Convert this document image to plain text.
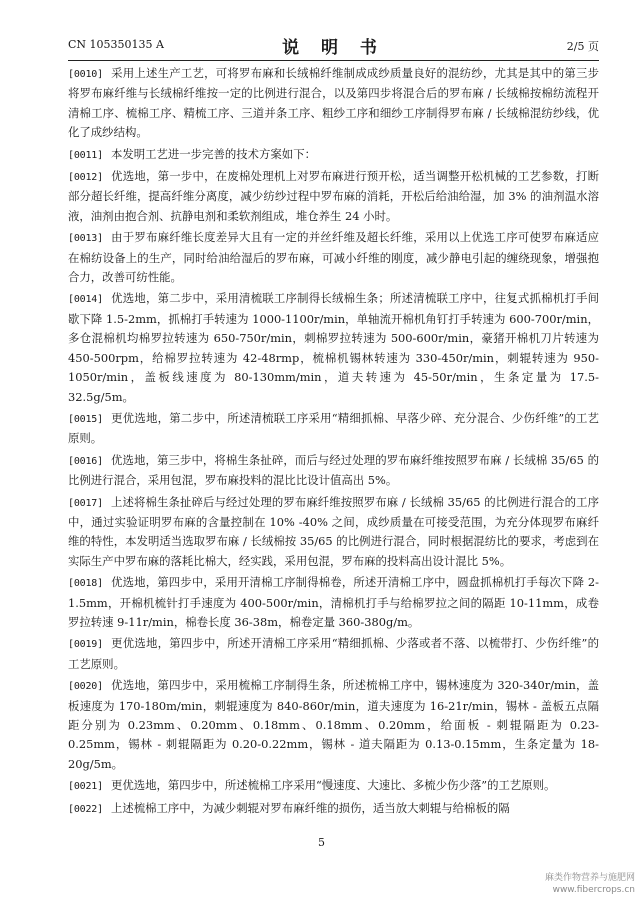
CN 105350135 A	说 明 书	2/5 页

[0010] 采用上述生产工艺，可将罗布麻和长绒棉纤维制成成纱质量良好的混纺纱，尤其是其中的第三步将罗布麻纤维与长绒棉纤维按一定的比例进行混合，以及第四步将混合后的罗布麻 / 长绒棉按棉纺流程开清棉工序、梳棉工序、精梳工序、三道并条工序、粗纱工序和细纱工序制得罗布麻 / 长绒棉混纺纱线，优化了成纱结构。

[0011] 本发明工艺进一步完善的技术方案如下：

[0012] 优选地，第一步中，在废棉处理机上对罗布麻进行预开松，适当调整开松机械的工艺参数，打断部分超长纤维，提高纤维分离度，减少纺纱过程中罗布麻的消耗，开松后给油给湿，加 3% 的油剂温水溶液，油剂由抱合剂、抗静电剂和柔软剂组成，堆仓养生 24 小时。

[0013] 由于罗布麻纤维长度差异大且有一定的并丝纤维及超长纤维，采用以上优选工序可使罗布麻适应在棉纺设备上的生产，同时给油给湿后的罗布麻，可减小纤维的刚度，减少静电引起的缠绕现象，增强抱合力，改善可纺性能。

[0014] 优选地，第二步中，采用清梳联工序制得长绒棉生条；所述清梳联工序中，往复式抓棉机打手间歇下降 1.5-2mm，抓棉打手转速为 1000-1100r/min，单轴流开棉机角钉打手转速为 600-700r/min，多仓混棉机均棉罗拉转速为 650-750r/min，刺棉罗拉转速为 500-600r/min，豪猪开棉机刀片转速为 450-500rpm，给棉罗拉转速为 42-48rmp，梳棉机锡林转速为 330-450r/min，刺辊转速为 950-1050r/min，盖板线速度为 80-130mm/min，道夫转速为 45-50r/min，生条定量为 17.5-32.5g/5m。

[0015] 更优选地，第二步中，所述清梳联工序采用“精细抓棉、早落少碎、充分混合、少伤纤维”的工艺原则。

[0016] 优选地，第三步中，将棉生条扯碎，而后与经过处理的罗布麻纤维按照罗布麻 / 长绒棉 35/65 的比例进行混合，采用包混，罗布麻投料的混比比设计值高出 5%。

[0017] 上述将棉生条扯碎后与经过处理的罗布麻纤维按照罗布麻 / 长绒棉 35/65 的比例进行混合的工序中，通过实验证明罗布麻的含量控制在 10% -40% 之间，成纱质量在可接受范围，为充分体现罗布麻纤维的特性，本发明适当选取罗布麻 / 长绒棉按 35/65 的比例进行混合，同时根据混纺比的要求，考虑到在实际生产中罗布麻的落耗比棉大，经实践，采用包混，罗布麻的投料高出设计混比 5%。

[0018] 优选地，第四步中，采用开清棉工序制得棉卷，所述开清棉工序中，圆盘抓棉机打手每次下降 2-1.5mm，开棉机梳针打手速度为 400-500r/min，清棉机打手与给棉罗拉之间的隔距 10-11mm，成卷罗拉转速 9-11r/min，棉卷长度 36-38m，棉卷定量 360-380g/m。

[0019] 更优选地，第四步中，所述开清棉工序采用“精细抓棉、少落或者不落、以梳带打、少伤纤维”的工艺原则。

[0020] 优选地，第四步中，采用梳棉工序制得生条，所述梳棉工序中，锡林速度为 320-340r/min，盖板速度为 170-180m/min，刺辊速度为 840-860r/min，道夫速度为 16-21r/min，锡林 - 盖板五点隔距分别为 0.23mm、0.20mm、0.18mm、0.18mm、0.20mm，给面板 - 刺辊隔距为 0.23-0.25mm，锡林 - 刺辊隔距为 0.20-0.22mm，锡林 - 道夫隔距为 0.13-0.15mm，生条定量为 18-20g/5m。

[0021] 更优选地，第四步中，所述梳棉工序采用“慢速度、大速比、多梳少伤少落”的工艺原则。

[0022] 上述梳棉工序中，为减少刺辊对罗布麻纤维的损伤，适当放大刺辊与给棉板的隔

5
麻类作物营养与施肥网
www.fibercrops.cn
